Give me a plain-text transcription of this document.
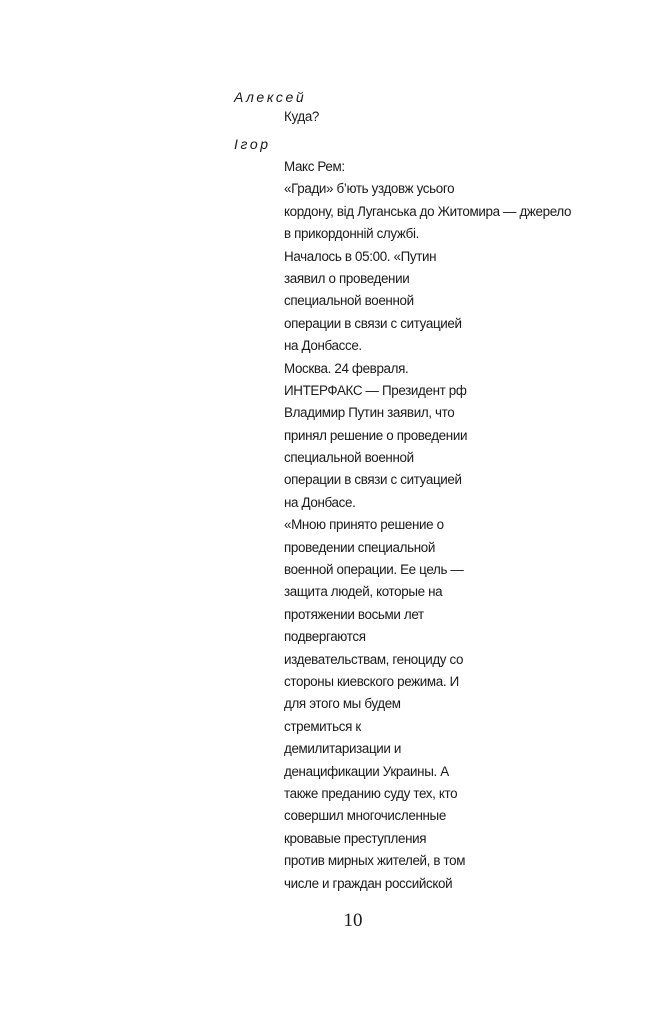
Алексей
Куда?
Ігор
Макс Рем:
«Гради» б’ють уздовж усього
кордону, від Луганська до Житомира — джерело
в прикордонній службі.
Началось в 05:00. «Путин
заявил о проведении
специальной военной
операции в связи с ситуацией
на Донбассе.
Москва. 24 февраля.
ИНТЕРФАКС — Президент рф
Владимир Путин заявил, что
принял решение о проведении
специальной военной
операции в связи с ситуацией
на Донбасе.
«Мною принято решение о
проведении специальной
военной операции. Ее цель —
защита людей, которые на
протяжении восьми лет
подвергаются
издевательствам, геноциду со
стороны киевского режима. И
для этого мы будем
стремиться к
демилитаризации и
денацификации Украины. А
также преданию суду тех, кто
совершил многочисленные
кровавые преступления
против мирных жителей, в том
числе и граждан российской
10
